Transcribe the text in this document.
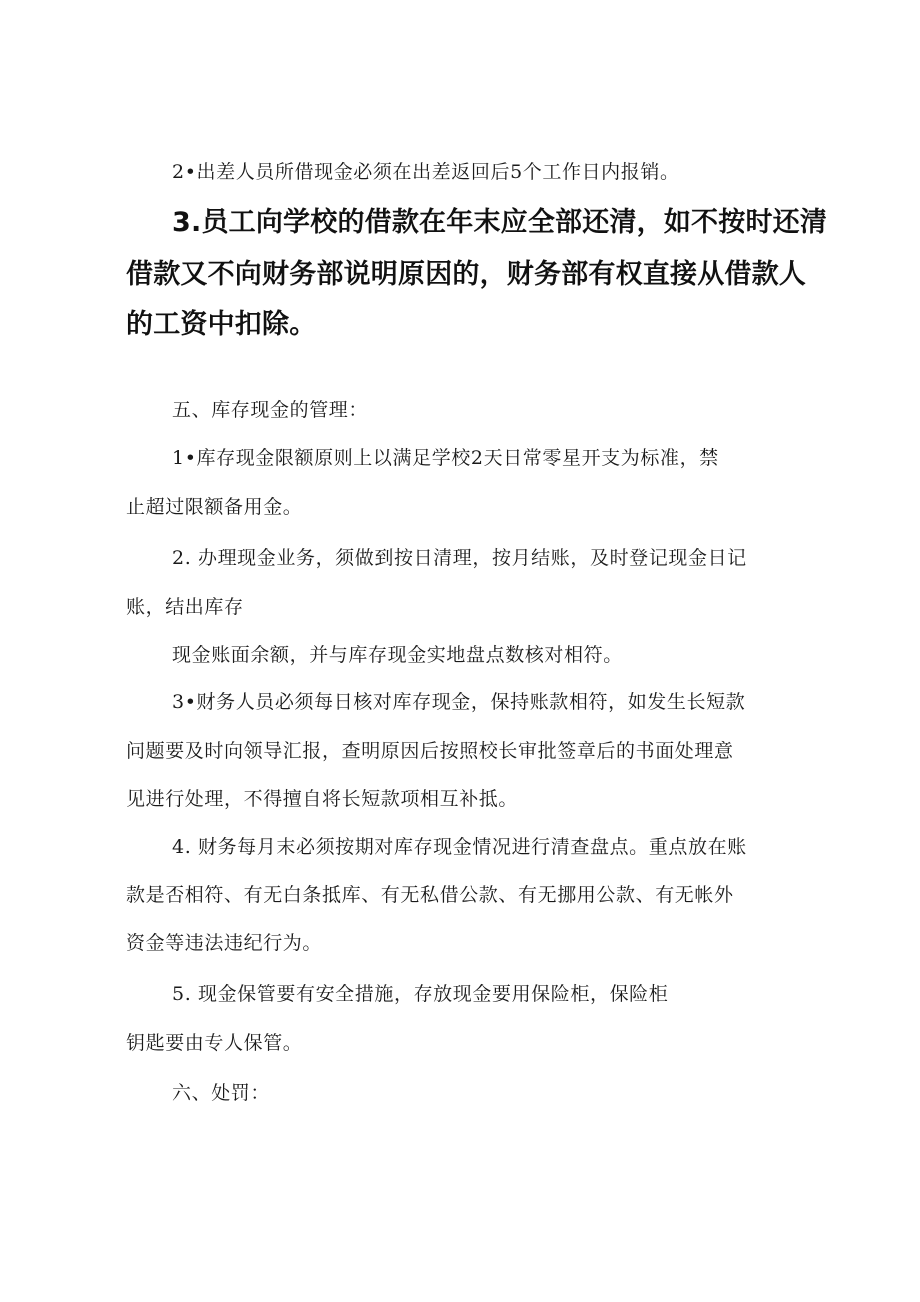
2•出差人员所借现金必须在出差返回后5个工作日内报销。
3.员工向学校的借款在年末应全部还清，如不按时还清
借款又不向财务部说明原因的，财务部有权直接从借款人
的工资中扣除。
五、库存现金的管理：
1•库存现金限额原则上以满足学校2天日常零星开支为标准，禁
止超过限额备用金。
2. 办理现金业务，须做到按日清理，按月结账，及时登记现金日记
账，结出库存
现金账面余额，并与库存现金实地盘点数核对相符。
3•财务人员必须每日核对库存现金，保持账款相符，如发生长短款
问题要及时向领导汇报，查明原因后按照校长审批签章后的书面处理意
见进行处理，不得擅自将长短款项相互补抵。
4. 财务每月末必须按期对库存现金情况进行清查盘点。重点放在账
款是否相符、有无白条抵库、有无私借公款、有无挪用公款、有无帐外
资金等违法违纪行为。
5. 现金保管要有安全措施，存放现金要用保险柜，保险柜
钥匙要由专人保管。
六、处罚：
